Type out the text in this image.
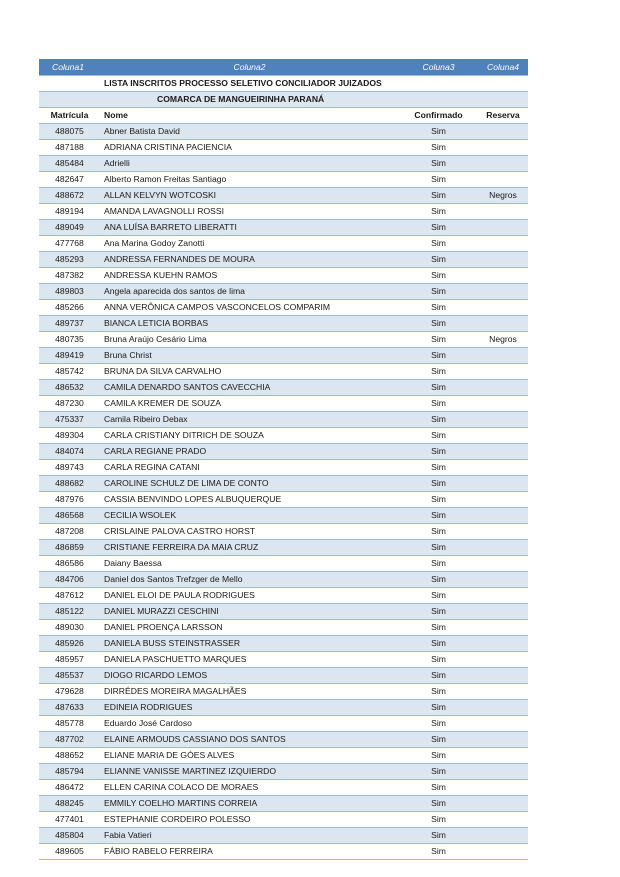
Coluna1	Coluna2	Coluna3	Coluna4
	LISTA INSCRITOS PROCESSO SELETIVO CONCILIADOR JUIZADOS		
	COMARCA DE MANGUEIRINHA PARANÁ		
Matrícula	Nome	Confirmado	Reserva
488075	Abner Batista David	Sim	
487188	ADRIANA CRISTINA PACIENCIA	Sim	
485484	Adrielli	Sim	
482647	Alberto Ramon Freitas Santiago	Sim	
488672	ALLAN KELVYN WOTCOSKI	Sim	Negros
489194	AMANDA LAVAGNOLLI ROSSI	Sim	
489049	ANA LUÍSA BARRETO LIBERATTI	Sim	
477768	Ana Marina Godoy Zanotti	Sim	
485293	ANDRESSA FERNANDES DE MOURA	Sim	
487382	ANDRESSA KUEHN RAMOS	Sim	
489803	Angela aparecida dos santos de lima	Sim	
485266	ANNA VERÔNICA CAMPOS VASCONCELOS COMPARIM	Sim	
489737	BIANCA LETICIA BORBAS	Sim	
480735	Bruna Araújo Cesário Lima	Sim	Negros
489419	Bruna Christ	Sim	
485742	BRUNA DA SILVA CARVALHO	Sim	
486532	CAMILA DENARDO SANTOS CAVECCHIA	Sim	
487230	CAMILA KREMER DE SOUZA	Sim	
475337	Camila Ribeiro Debax	Sim	
489304	CARLA CRISTIANY DITRICH DE SOUZA	Sim	
484074	CARLA REGIANE PRADO	Sim	
489743	CARLA REGINA CATANI	Sim	
488682	CAROLINE SCHULZ DE LIMA DE CONTO	Sim	
487976	CASSIA BENVINDO LOPES ALBUQUERQUE	Sim	
486568	CECILIA WSOLEK	Sim	
487208	CRISLAINE PALOVA CASTRO HORST	Sim	
486859	CRISTIANE FERREIRA DA MAIA CRUZ	Sim	
486586	Daiany Baessa	Sim	
484706	Daniel dos Santos Trefzger de Mello	Sim	
487612	DANIEL ELOI DE PAULA RODRIGUES	Sim	
485122	DANIEL MURAZZI CESCHINI	Sim	
489030	DANIEL PROENÇA LARSSON	Sim	
485926	DANIELA BUSS STEINSTRASSER	Sim	
485957	DANIELA PASCHUETTO MARQUES	Sim	
485537	DIOGO RICARDO LEMOS	Sim	
479628	DIRRÉDES MOREIRA MAGALHÃES	Sim	
487633	EDINEIA RODRIGUES	Sim	
485778	Eduardo José Cardoso	Sim	
487702	ELAINE ARMOUDS CASSIANO DOS SANTOS	Sim	
488652	ELIANE MARIA DE GÓES ALVES	Sim	
485794	ELIANNE VANISSE MARTINEZ IZQUIERDO	Sim	
486472	ELLEN CARINA COLACO DE MORAES	Sim	
488245	EMMILY COELHO MARTINS CORREIA	Sim	
477401	ESTEPHANIE CORDEIRO POLESSO	Sim	
485804	Fabia Vatieri	Sim	
489605	FÁBIO RABELO FERREIRA	Sim	
